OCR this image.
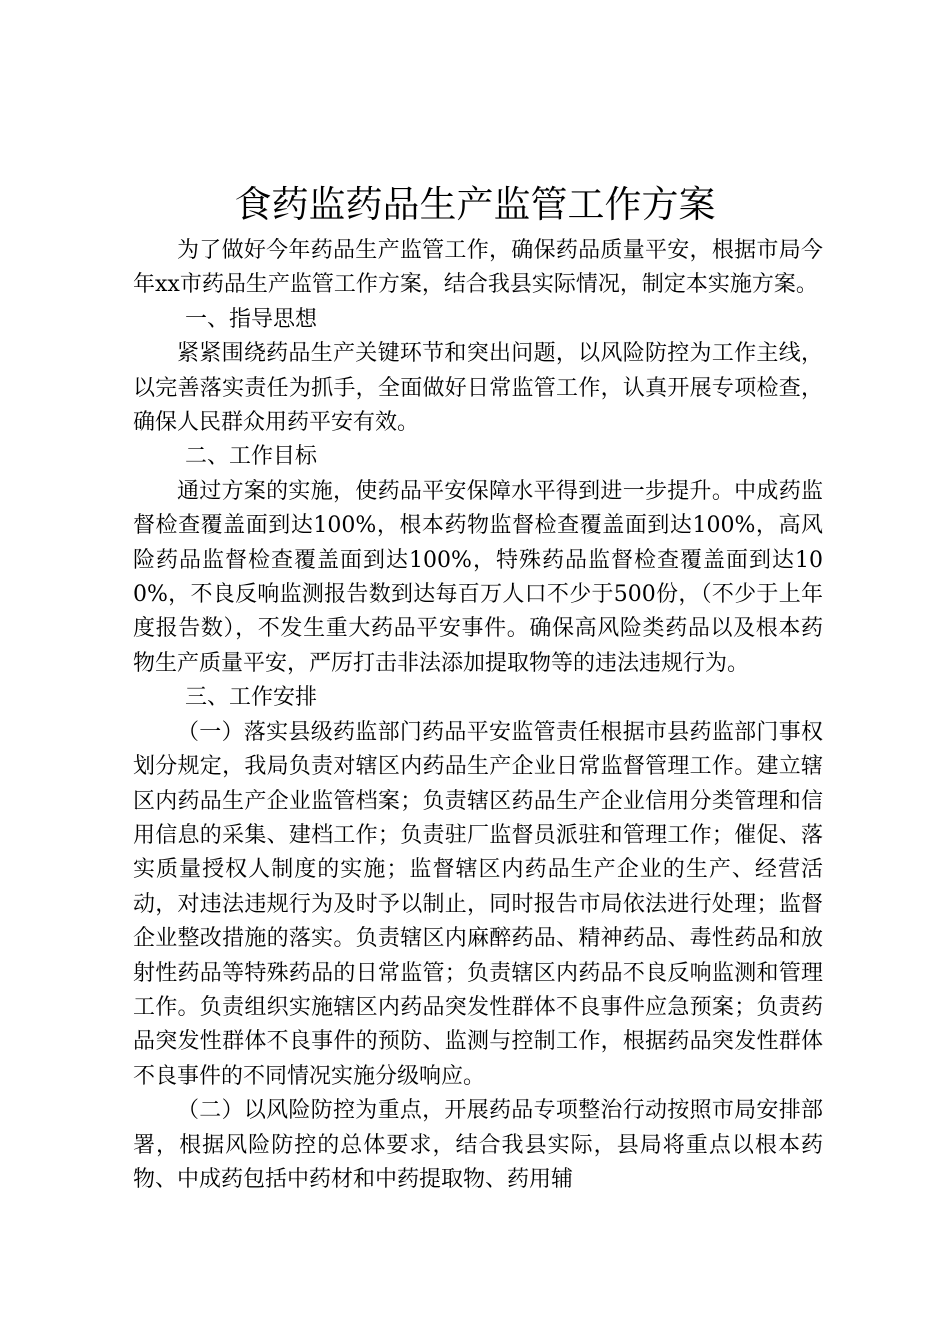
食药监药品生产监管工作方案

为了做好今年药品生产监管工作，确保药品质量平安，根据市局今年xx市药品生产监管工作方案，结合我县实际情况，制定本实施方案。

一、指导思想

紧紧围绕药品生产关键环节和突出问题，以风险防控为工作主线，以完善落实责任为抓手，全面做好日常监管工作，认真开展专项检查，确保人民群众用药平安有效。

二、工作目标

通过方案的实施，使药品平安保障水平得到进一步提升。中成药监督检查覆盖面到达100%，根本药物监督检查覆盖面到达100%，高风险药品监督检查覆盖面到达100%，特殊药品监督检查覆盖面到达100%，不良反响监测报告数到达每百万人口不少于500份，（不少于上年度报告数），不发生重大药品平安事件。确保高风险类药品以及根本药物生产质量平安，严厉打击非法添加提取物等的违法违规行为。

三、工作安排

（一）落实县级药监部门药品平安监管责任根据市县药监部门事权划分规定，我局负责对辖区内药品生产企业日常监督管理工作。建立辖区内药品生产企业监管档案；负责辖区药品生产企业信用分类管理和信用信息的采集、建档工作；负责驻厂监督员派驻和管理工作；催促、落实质量授权人制度的实施；监督辖区内药品生产企业的生产、经营活动，对违法违规行为及时予以制止，同时报告市局依法进行处理；监督企业整改措施的落实。负责辖区内麻醉药品、精神药品、毒性药品和放射性药品等特殊药品的日常监管；负责辖区内药品不良反响监测和管理工作。负责组织实施辖区内药品突发性群体不良事件应急预案；负责药品突发性群体不良事件的预防、监测与控制工作，根据药品突发性群体不良事件的不同情况实施分级响应。

（二）以风险防控为重点，开展药品专项整治行动按照市局安排部署，根据风险防控的总体要求，结合我县实际，县局将重点以根本药物、中成药包括中药材和中药提取物、药用辅
